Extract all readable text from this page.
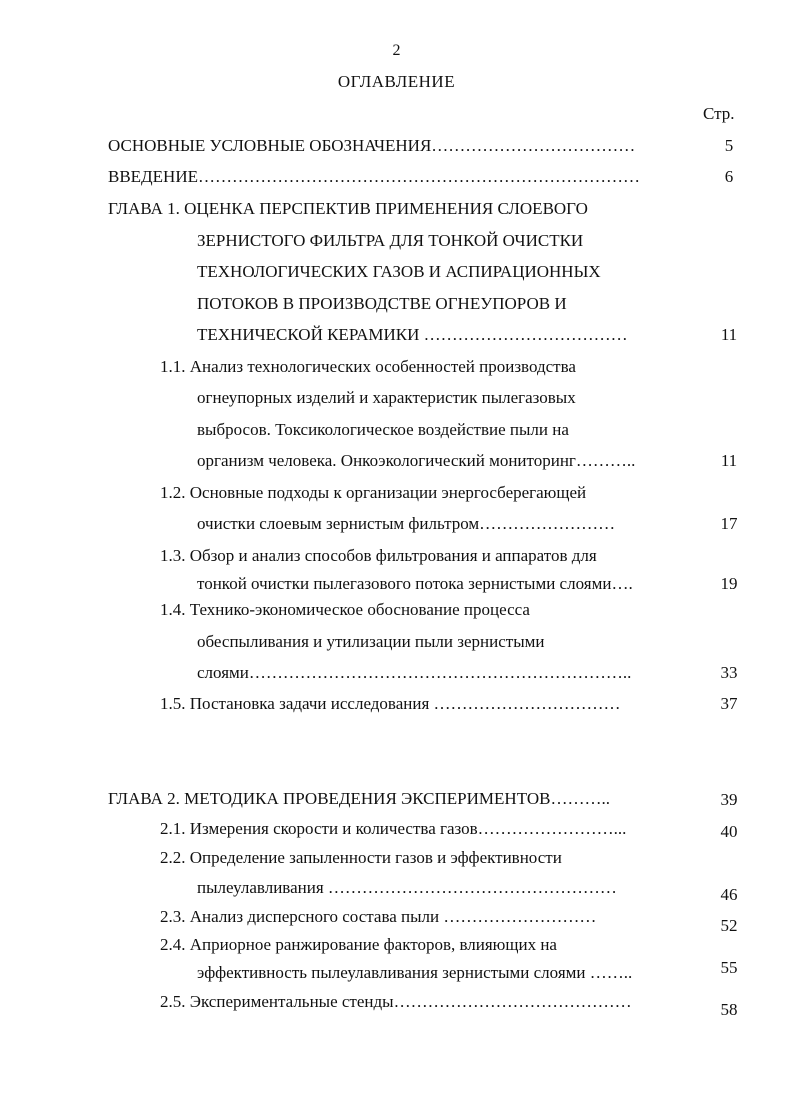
2
ОГЛАВЛЕНИЕ
Стр.
ОСНОВНЫЕ УСЛОВНЫЕ ОБОЗНАЧЕНИЯ………………………………	5
ВВЕДЕНИЕ……………………………………………………………………	6
ГЛАВА 1. ОЦЕНКА ПЕРСПЕКТИВ ПРИМЕНЕНИЯ СЛОЕВОГО
ЗЕРНИСТОГО ФИЛЬТРА ДЛЯ ТОНКОЙ ОЧИСТКИ
ТЕХНОЛОГИЧЕСКИХ ГАЗОВ И АСПИРАЦИОННЫХ
ПОТОКОВ В ПРОИЗВОДСТВЕ ОГНЕУПОРОВ И
ТЕХНИЧЕСКОЙ КЕРАМИКИ ………………………………	11
1.1. Анализ технологических особенностей производства
огнеупорных изделий и характеристик пылегазовых
выбросов. Токсикологическое воздействие пыли на
организм человека. Онкоэкологический мониторинг………..	11
1.2. Основные подходы к организации энергосберегающей
очистки слоевым зернистым фильтром……………………	17
1.3. Обзор и анализ способов фильтрования и аппаратов для
тонкой очистки пылегазового потока зернистыми слоями….	19
1.4. Технико-экономическое обоснование процесса
обеспыливания и утилизации пыли зернистыми
слоями…………………………………………………………..	33
1.5. Постановка задачи исследования ……………………………	37
ГЛАВА 2. МЕТОДИКА ПРОВЕДЕНИЯ ЭКСПЕРИМЕНТОВ………..	39
2.1. Измерения скорости и количества газов……………………...	40
2.2. Определение запыленности газов и эффективности
пылеулавливания ……………………………………………	46
2.3. Анализ дисперсного состава пыли ………………………	52
2.4. Априорное ранжирование факторов, влияющих на
эффективность пылеулавливания зернистыми слоями ……..	55
2.5. Экспериментальные стенды……………………………………	58
